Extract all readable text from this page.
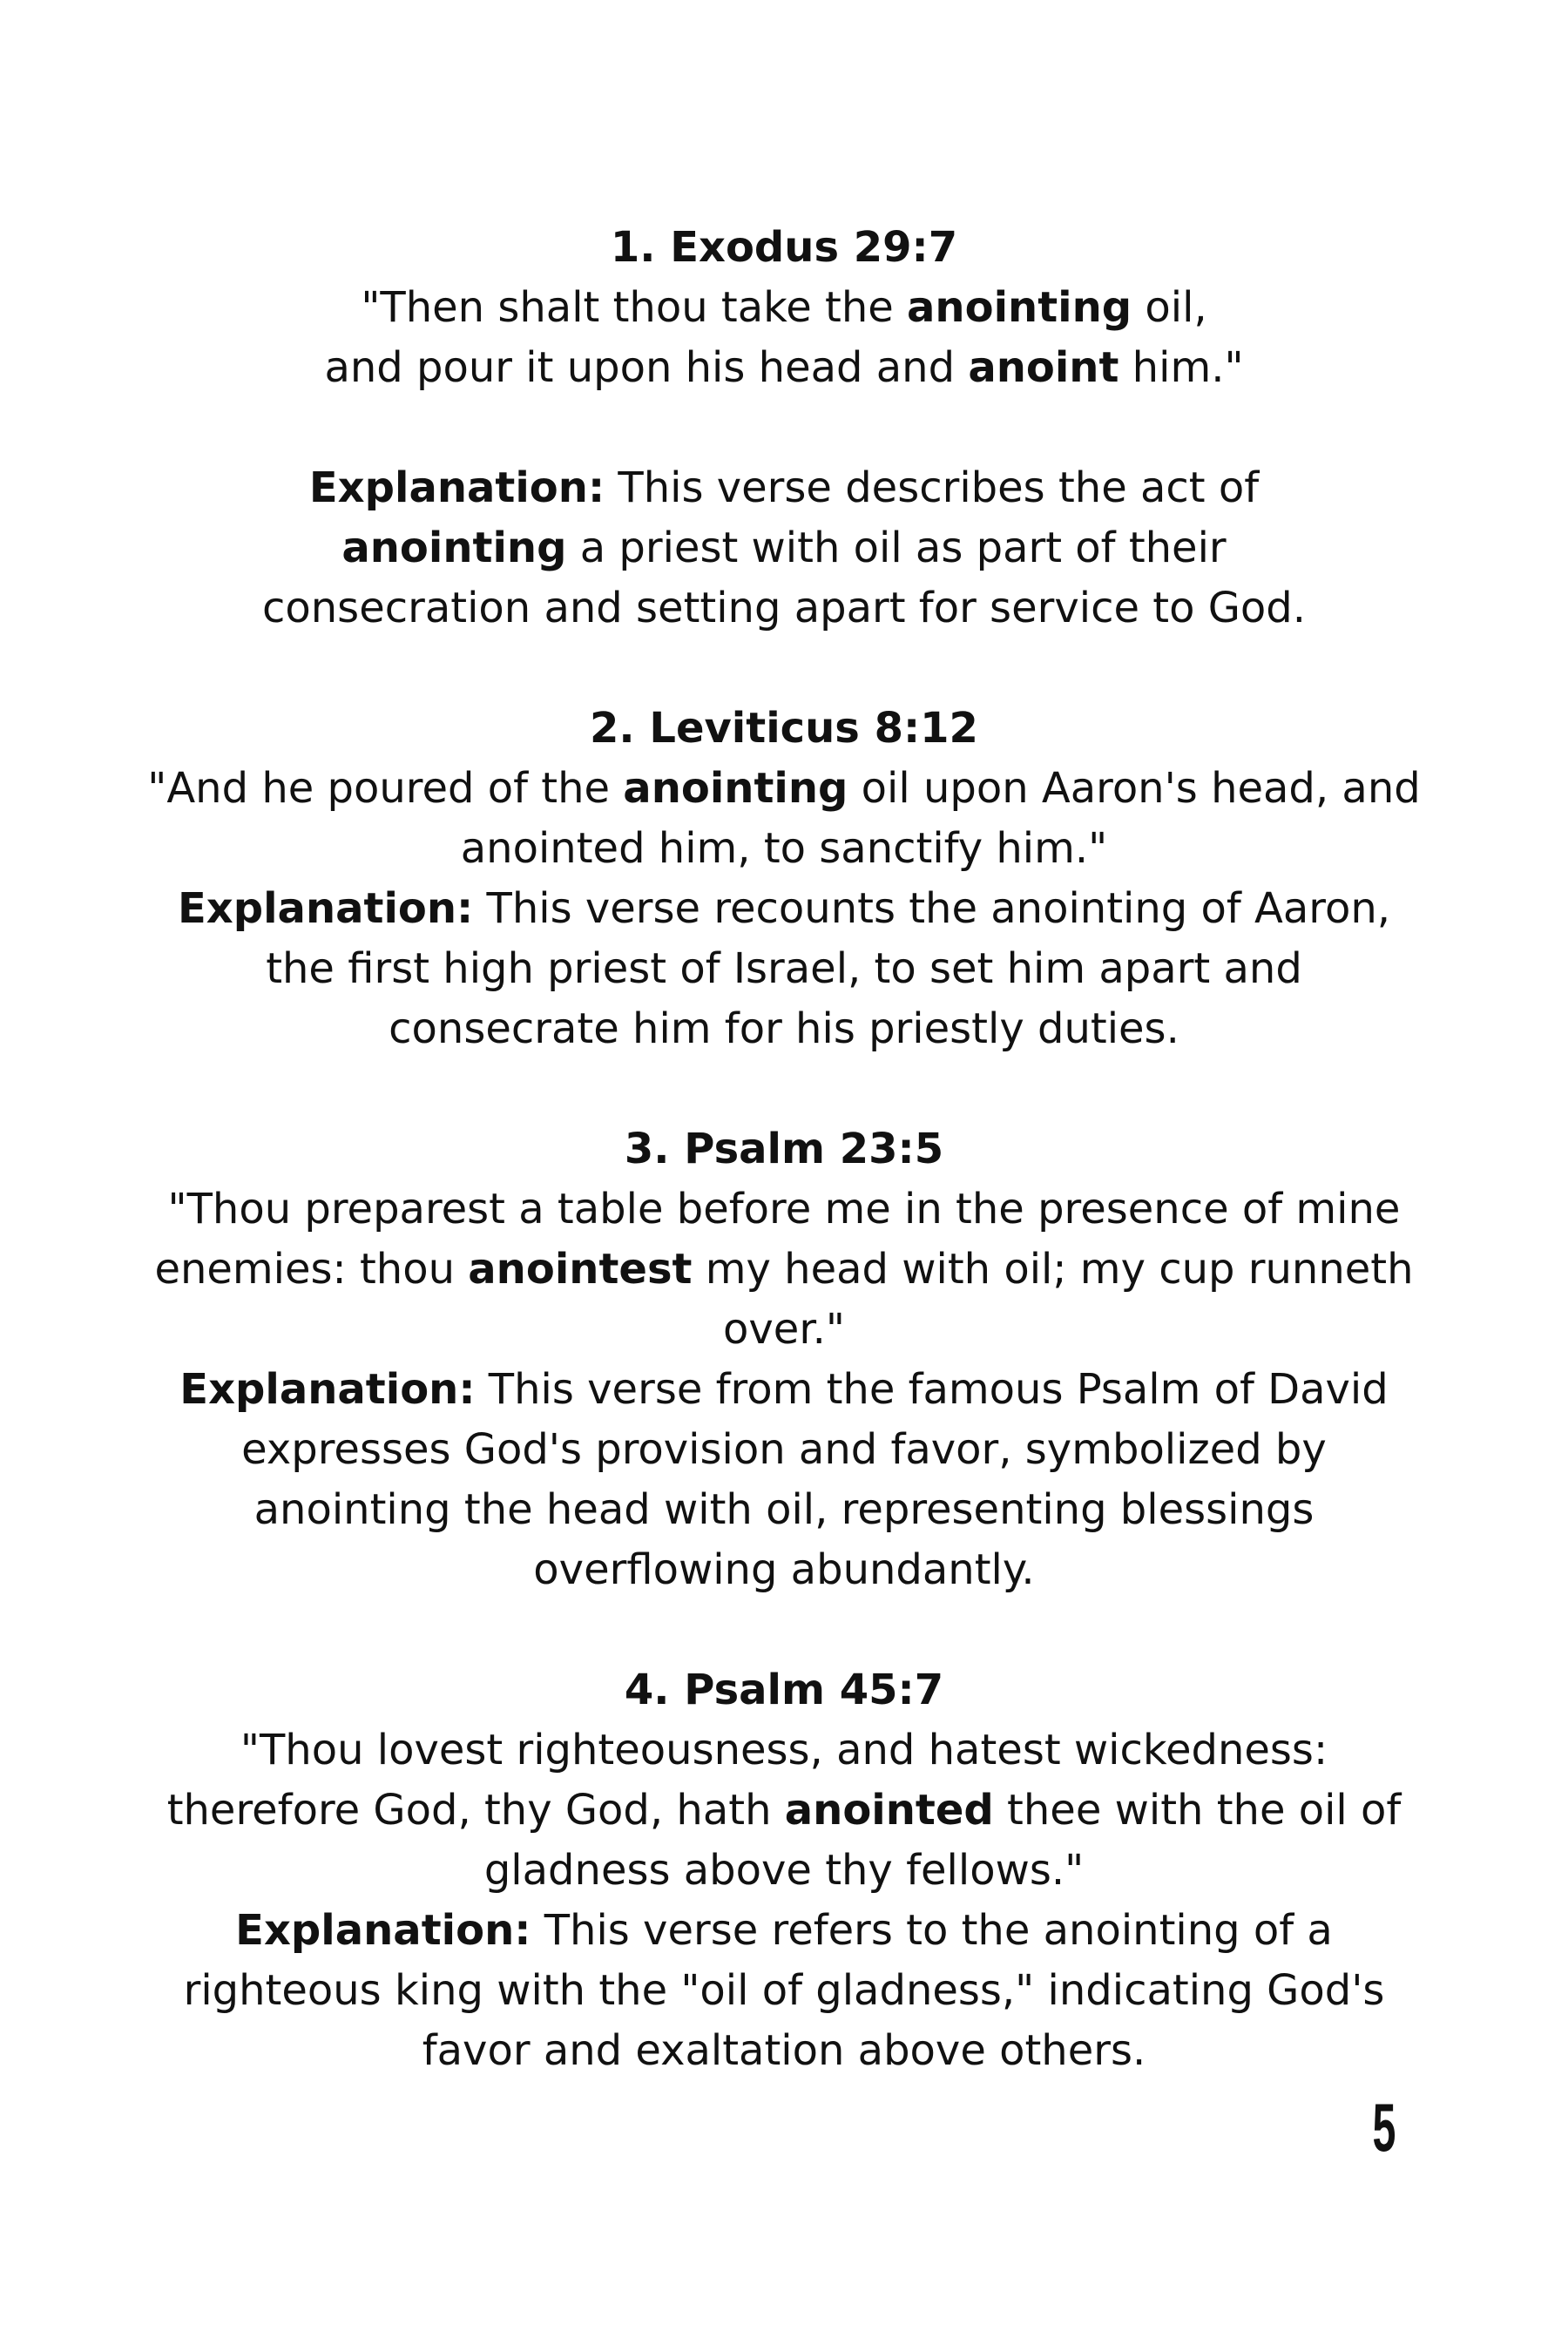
1. Exodus 29:7
"Then shalt thou take the anointing oil,
and pour it upon his head and anoint him."

Explanation: This verse describes the act of
anointing a priest with oil as part of their
consecration and setting apart for service to God.
2. Leviticus 8:12
"And he poured of the anointing oil upon Aaron's head, and
anointed him, to sanctify him."
Explanation: This verse recounts the anointing of Aaron,
the first high priest of Israel, to set him apart and
consecrate him for his priestly duties.
3. Psalm 23:5
"Thou preparest a table before me in the presence of mine
enemies: thou anointest my head with oil; my cup runneth
over."
Explanation: This verse from the famous Psalm of David
expresses God's provision and favor, symbolized by
anointing the head with oil, representing blessings
overflowing abundantly.
4. Psalm 45:7
"Thou lovest righteousness, and hatest wickedness:
therefore God, thy God, hath anointed thee with the oil of
gladness above thy fellows."
Explanation: This verse refers to the anointing of a
righteous king with the "oil of gladness," indicating God's
favor and exaltation above others.
5
